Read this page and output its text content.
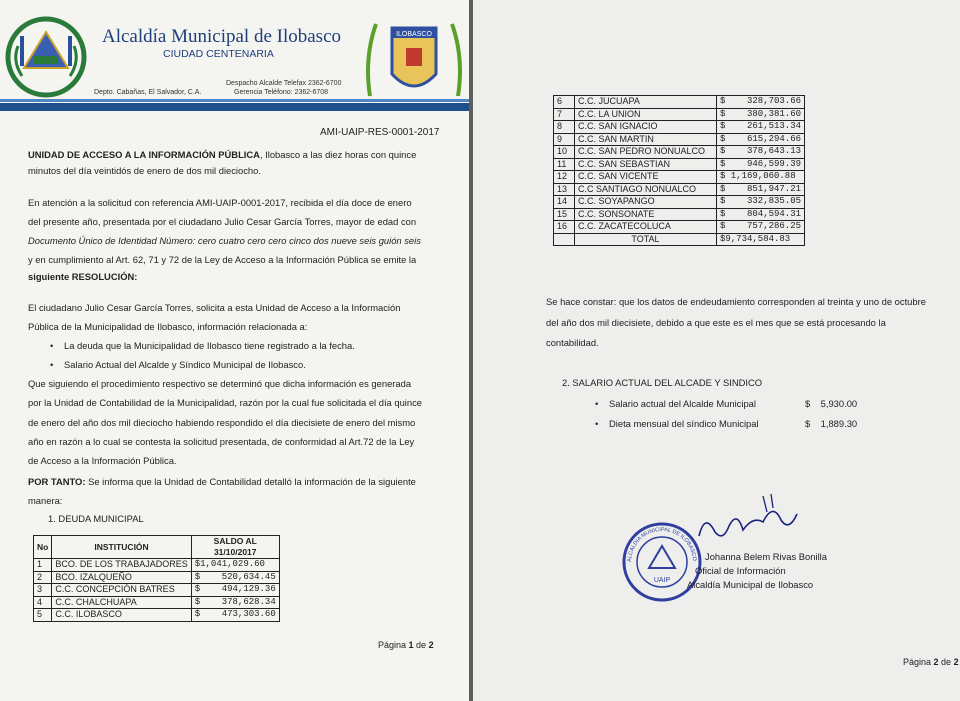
Alcaldía Municipal de Ilobasco
CIUDAD CENTENARIA
Despacho Alcalde Telefax 2362-6700
Depto. Cabañas, El Salvador, C.A.	Gerencia Teléfono: 2362-6708
ILOBASCO
AMI-UAIP-RES-0001-2017
UNIDAD DE ACCESO A LA INFORMACIÓN PÚBLICA, Ilobasco a las diez horas con quince
minutos del día veintidós de enero de dos mil dieciocho.
En atención a la solicitud con referencia AMI-UAIP-0001-2017, recibida el día doce de enero
del presente año, presentada por el ciudadano Julio Cesar García Torres, mayor de edad con
Documento Único de Identidad Número: cero cuatro cero cero cinco dos nueve seis guión seis
y en cumplimiento al Art. 62, 71 y 72 de la Ley de Acceso a la Información Pública se emite la
siguiente RESOLUCIÓN:
El ciudadano Julio Cesar García Torres, solicita a esta Unidad de Acceso a la Información
Pública de la Municipalidad de Ilobasco, información relacionada a:
• La deuda que la Municipalidad de Ilobasco tiene registrado a la fecha.
• Salario Actual del Alcalde y Síndico Municipal de Ilobasco.
Que siguiendo el procedimiento respectivo se determinó que dicha información es generada
por la Unidad de Contabilidad de la Municipalidad, razón por la cual fue solicitada el día quince
de enero del año dos mil dieciocho habiendo respondido el día diecisiete de enero del mismo
año en razón a lo cual se contesta la solicitud presentada, de conformidad al Art.72 de la Ley
de Acceso a la Información Pública.
POR TANTO: Se informa que la Unidad de Contabilidad detalló la información de la siguiente
manera:
1. DEUDA MUNICIPAL
No	INSTITUCIÓN	SALDO AL
31/10/2017
1	BCO. DE LOS TRABAJADORES	$1,041,029.60
2	BCO. IZALQUEÑO	$    520,634.45
3	C.C. CONCEPCIÓN BATRES	$    494,129.36
4	C.C. CHALCHUAPA	$    378,628.34
5	C.C. ILOBASCO	$    473,303.60
Página 1 de 2
6	C.C. JUCUAPA	$    328,703.66
7	C.C. LA UNION	$    380,381.60
8	C.C. SAN IGNACIO	$    261,513.34
9	C.C. SAN MARTIN	$    615,294.66
10	C.C. SAN PEDRO NONUALCO	$    378,643.13
11	C.C. SAN SEBASTIAN	$    946,599.39
12	C.C. SAN VICENTE	$ 1,169,060.88
13	C.C SANTIAGO NONUALCO	$    851,947.21
14	C.C. SOYAPANGO	$    332,835.05
15	C.C. SONSONATE	$    804,594.31
16	C.C. ZACATECOLUCA	$    757,286.25
	TOTAL	$9,734,584.83
Se hace constar: que los datos de endeudamiento corresponden al treinta y uno de octubre
del año dos mil diecisiete, debido a que este es el mes que se está procesando la
contabilidad.
2. SALARIO ACTUAL DEL ALCADE Y SINDICO
• Salario actual del Alcalde Municipal	$    5,930.00
• Dieta mensual del síndico Municipal	$    1,889.30
ALCALDIA MUNICIPAL DE ILOBASCO
UAIP
Johanna Belem Rivas Bonilla
Oficial de Información
Alcaldía Municipal de Ilobasco
Página 2 de 2
